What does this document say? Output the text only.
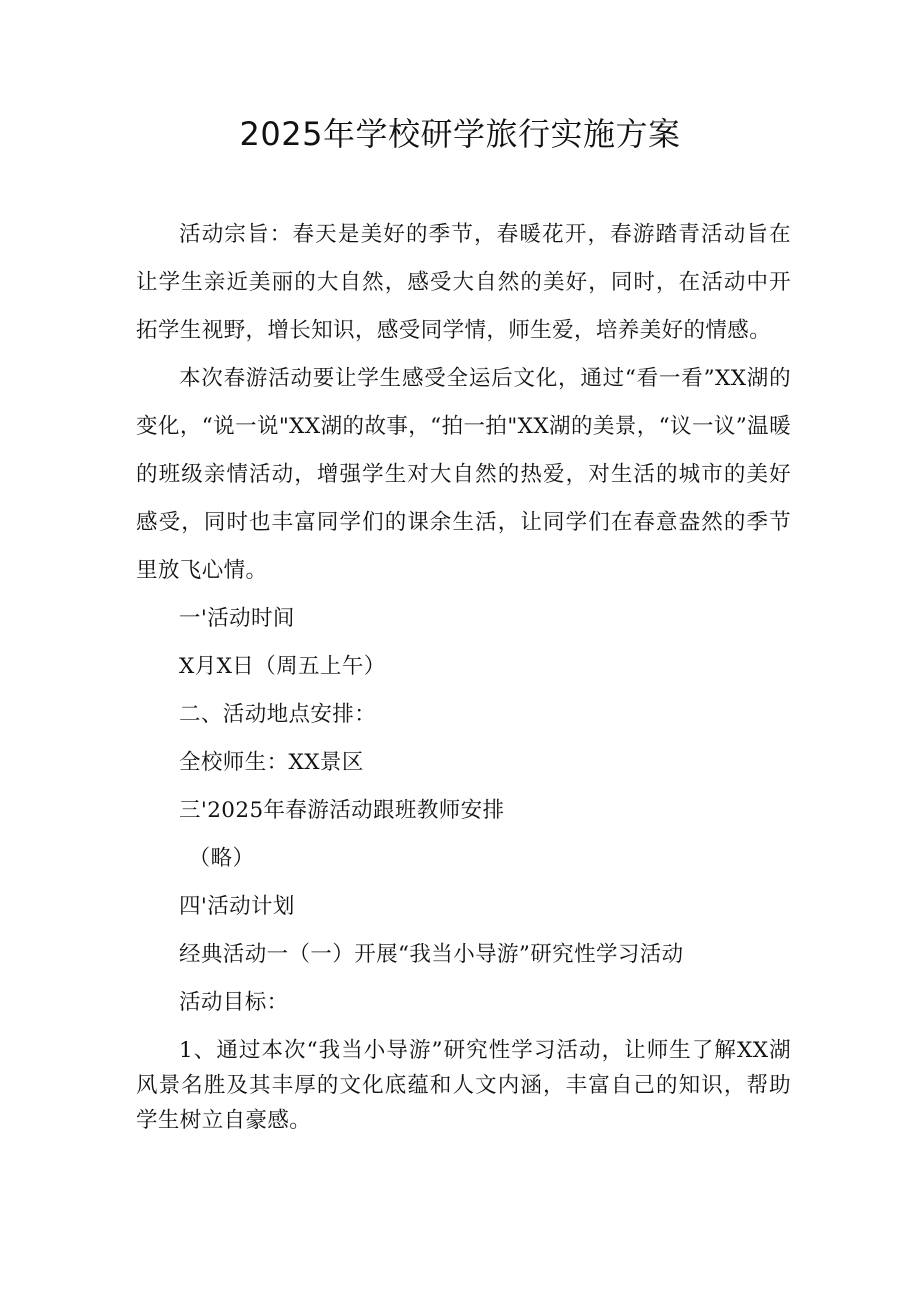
2025年学校研学旅行实施方案

活动宗旨：春天是美好的季节，春暖花开，春游踏青活动旨在让学生亲近美丽的大自然，感受大自然的美好，同时，在活动中开拓学生视野，增长知识，感受同学情，师生爱，培养美好的情感。

本次春游活动要让学生感受全运后文化，通过“看一看”XX湖的变化，“说一说"XX湖的故事，“拍一拍"XX湖的美景，“议一议”温暖的班级亲情活动，增强学生对大自然的热爱，对生活的城市的美好感受，同时也丰富同学们的课余生活，让同学们在春意盎然的季节里放飞心情。

一'活动时间

X月X日（周五上午）

二、活动地点安排：

全校师生：XX景区

三'2025年春游活动跟班教师安排

（略）

四'活动计划

经典活动一（一）开展“我当小导游”研究性学习活动

活动目标：

1、通过本次“我当小导游”研究性学习活动，让师生了解XX湖风景名胜及其丰厚的文化底蕴和人文内涵，丰富自己的知识，帮助学生树立自豪感。
